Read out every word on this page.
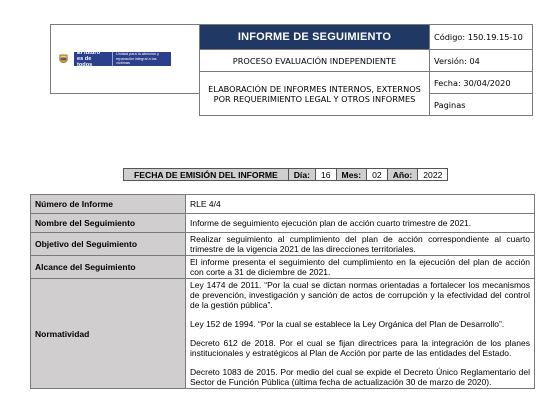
El futuro es de todos
Unidad para la atención y reparación integral a las víctimas	INFORME DE SEGUIMIENTO	Código: 150.19.15-10
	PROCESO EVALUACIÓN INDEPENDIENTE	Versión: 04
	ELABORACIÓN DE INFORMES INTERNOS, EXTERNOS POR REQUERIMIENTO LEGAL Y OTROS INFORMES	Fecha: 30/04/2020
		Paginas
FECHA DE EMISIÓN DEL INFORME	Día:	16	Mes:	02	Año:	2022
Número de Informe	RLE 4/4
Nombre del Seguimiento	Informe de seguimiento ejecución plan de acción cuarto trimestre de 2021.
Objetivo del Seguimiento	Realizar seguimiento al cumplimiento del plan de acción correspondiente al cuarto trimestre de la vigencia 2021 de las direcciones territoriales.
Alcance del Seguimiento	El informe presenta el seguimiento del cumplimiento en la ejecución del plan de acción con corte a 31 de diciembre de 2021.
Normatividad	Ley 1474 de 2011. “Por la cual se dictan normas orientadas a fortalecer los mecanismos de prevención, investigación y sanción de actos de corrupción y la efectividad del control de la gestión pública”.

Ley 152 de 1994. “Por la cual se establece la Ley Orgánica del Plan de Desarrollo”.

Decreto 612 de 2018. Por el cual se fijan directrices para la integración de los planes institucionales y estratégicos al Plan de Acción por parte de las entidades del Estado.

Decreto 1083 de 2015. Por medio del cual se expide el Decreto Único Reglamentario del Sector de Función Pública (última fecha de actualización 30 de marzo de 2020).
